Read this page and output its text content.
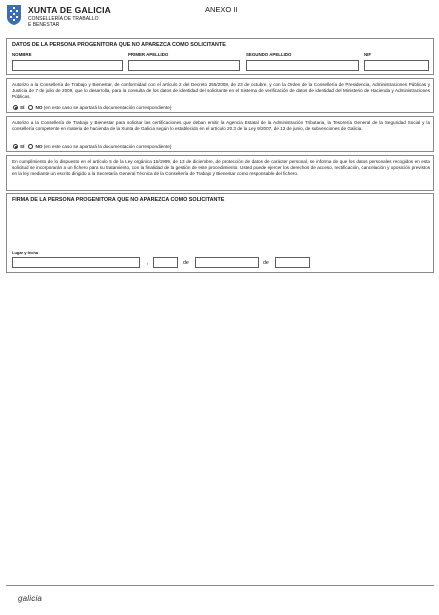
XUNTA DE GALICIA
CONSELLERÍA DE TRABALLO
E BENESTAR
ANEXO II
DATOS DE LA PERSONA PROGENITORA QUE NO APAREZCA COMO SOLICITANTE
NOMBRE	PRIMER APELLIDO	SEGUNDO APELLIDO	NIF
Autorizo a la Consellería de Trabajo y Bienestar, de conformidad con el artículo 2 del Decreto 255/2008, de 23 de octubre, y con la Orden de la Consellería de Presidencia, Administraciones Públicas y Justicia de 7 de julio de 2009, que lo desarrolla, para la consulta de los datos de identidad del solicitante en el Sistema de verificación de datos de identidad del Ministerio de Hacienda y Administraciones Públicas.
SÍ NO (en este caso se aportará la documentación correspondiente)
Autorizo a la Consellería de Trabajo y Bienestar para solicitar las certificaciones que deban emitir la Agencia Estatal de la Administración Tributaria, la Tesorería General de la Seguridad Social y la consellería competente en materia de hacienda de la Xunta de Galicia según lo establecido en el artículo 20.3 de la Ley 9/2007, de 13 de junio, de subvenciones de Galicia.
SÍ NO (en este caso se aportará la documentación correspondiente)
En cumplimiento de lo dispuesto en el artículo 5 de la Ley orgánica 15/1999, de 13 de diciembre, de protección de datos de carácter personal, se informa de que los datos personales recogidos en esta solicitud se incorporarán a un fichero para su tratamiento, con la finalidad de la gestión de este procedimiento. Usted puede ejercer los derechos de acceso, rectificación, cancelación y oposición previstos en la ley mediante un escrito dirigido a la Secretaría General Técnica de la Consellería de Trabajo y Bienestar como responsable del fichero.
FIRMA DE LA PERSONA PROGENITORA QUE NO APAREZCA COMO SOLICITANTE
Lugar y fecha
,	de	de
galicia
